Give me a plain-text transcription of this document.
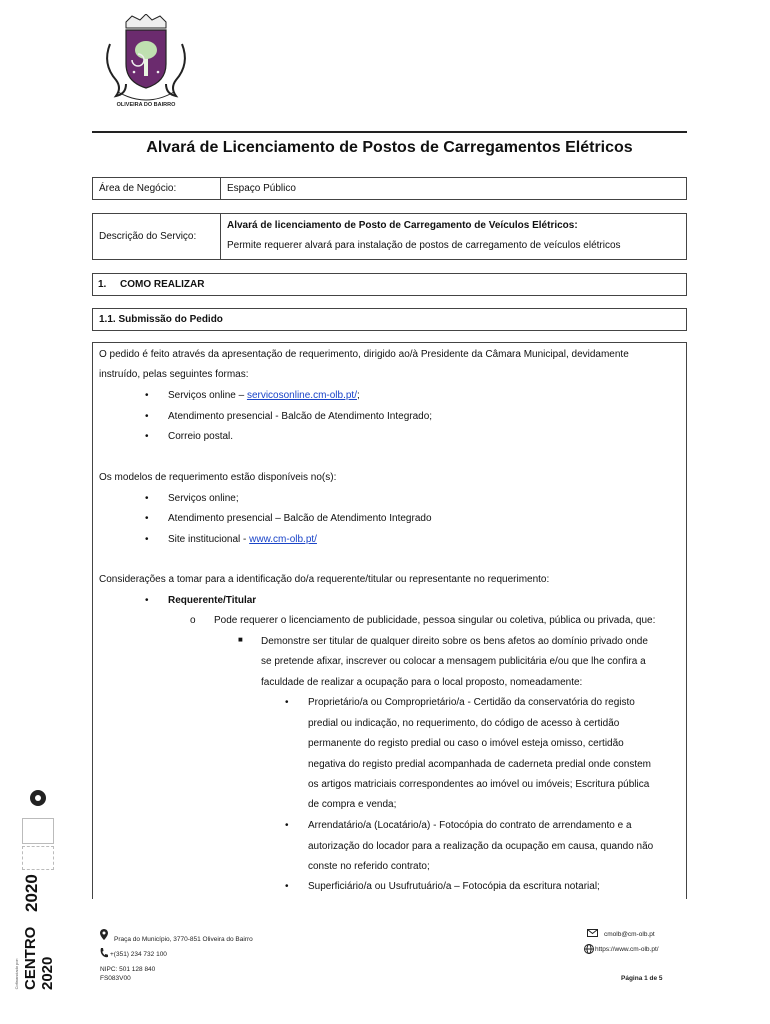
OLIVEIRA DO BAIRRO
Alvará de Licenciamento de Postos de Carregamentos Elétricos
Área de Negócio:	Espaço Público
Descrição do Serviço:
Alvará de licenciamento de Posto de Carregamento de Veículos Elétricos:
Permite requerer alvará para instalação de postos de carregamento de veículos elétricos
1. COMO REALIZAR
1.1. Submissão do Pedido
O pedido é feito através da apresentação de requerimento, dirigido ao/à Presidente da Câmara Municipal, devidamente
instruído, pelas seguintes formas:
• Serviços online – servicosonline.cm-olb.pt/;
• Atendimento presencial - Balcão de Atendimento Integrado;
• Correio postal.
Os modelos de requerimento estão disponíveis no(s):
• Serviços online;
• Atendimento presencial – Balcão de Atendimento Integrado
• Site institucional - www.cm-olb.pt/
Considerações a tomar para a identificação do/a requerente/titular ou representante no requerimento:
• Requerente/Titular
o Pode requerer o licenciamento de publicidade, pessoa singular ou coletiva, pública ou privada, que:
■ Demonstre ser titular de qualquer direito sobre os bens afetos ao domínio privado onde
se pretende afixar, inscrever ou colocar a mensagem publicitária e/ou que lhe confira a
faculdade de realizar a ocupação para o local proposto, nomeadamente:
• Proprietário/a ou Comproprietário/a - Certidão da conservatória do registo
predial ou indicação, no requerimento, do código de acesso à certidão
permanente do registo predial ou caso o imóvel esteja omisso, certidão
negativa do registo predial acompanhada de caderneta predial onde constem
os artigos matriciais correspondentes ao imóvel ou imóveis; Escritura pública
de compra e venda;
• Arrendatário/a (Locatário/a) - Fotocópia do contrato de arrendamento e a
autorização do locador para a realização da ocupação em causa, quando não
conste no referido contrato;
• Superficiário/a ou Usufrutuário/a – Fotocópia da escritura notarial;
Praça do Município, 3770-851 Oliveira do Bairro
+(351) 234 732 100
NIPC: 501 128 840
FS083V00
cmolb@cm-olb.pt
https://www.cm-olb.pt/
Página 1 de 5
2020
CENTRO 2020
Cofinanciado por:
